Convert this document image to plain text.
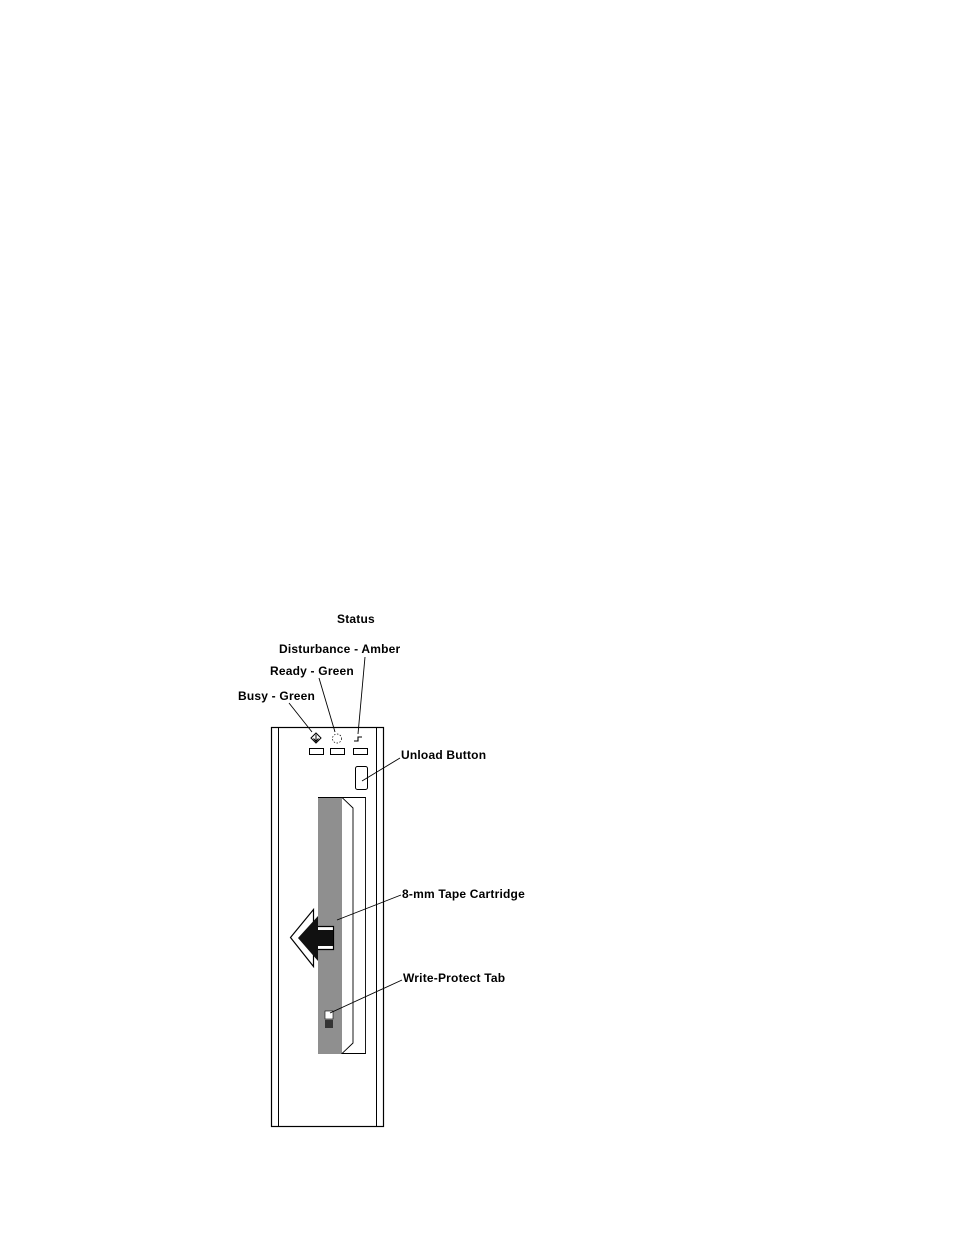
Status
Disturbance - Amber
Ready - Green
Busy - Green
Unload Button
8-mm Tape Cartridge
Write-Protect Tab
